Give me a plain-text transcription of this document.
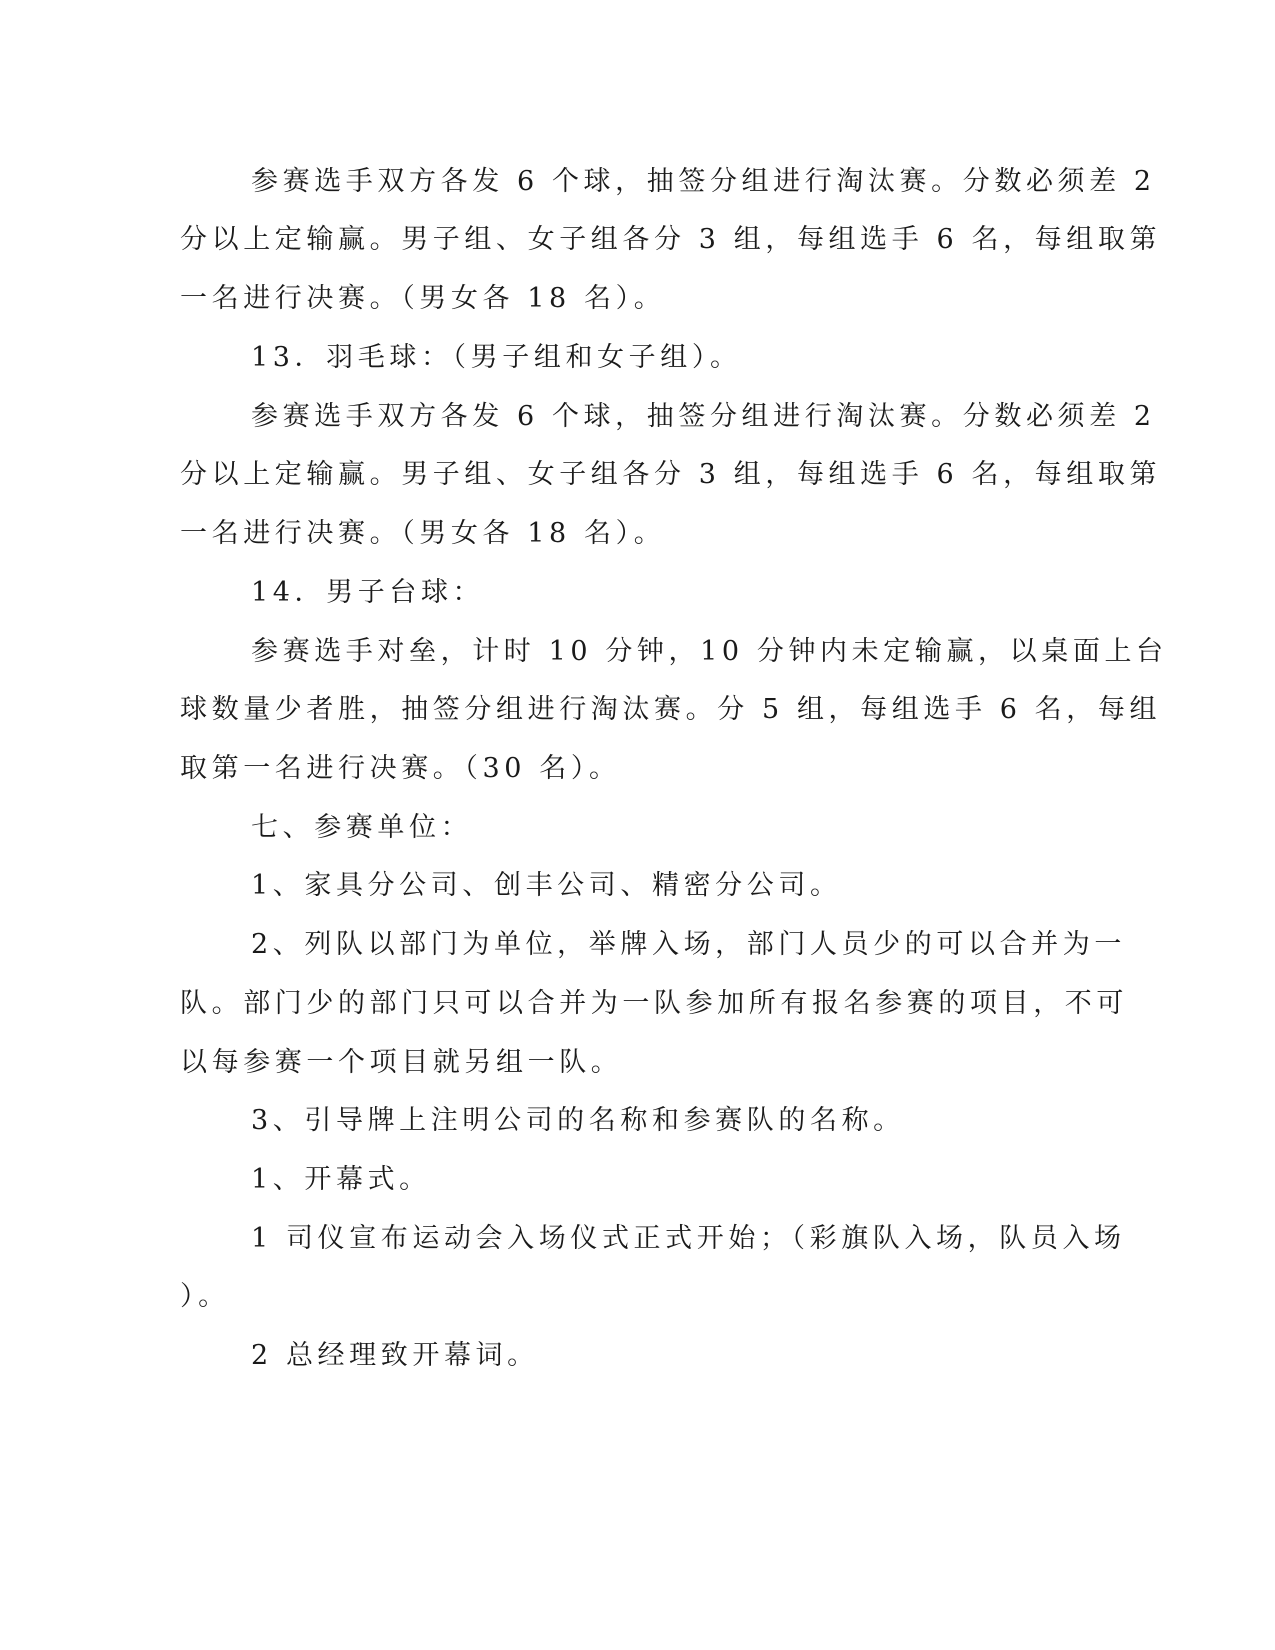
参赛选手双方各发 6 个球，抽签分组进行淘汰赛。分数必须差 2
分以上定输赢。男子组、女子组各分 3 组，每组选手 6 名，每组取第
一名进行决赛。（男女各 18 名）。
13．羽毛球：（男子组和女子组）。
参赛选手双方各发 6 个球，抽签分组进行淘汰赛。分数必须差 2
分以上定输赢。男子组、女子组各分 3 组，每组选手 6 名，每组取第
一名进行决赛。（男女各 18 名）。
14．男子台球：
参赛选手对垒，计时 10 分钟，10 分钟内未定输赢，以桌面上台
球数量少者胜，抽签分组进行淘汰赛。分 5 组，每组选手 6 名，每组
取第一名进行决赛。（30 名）。
七、参赛单位：
1、家具分公司、创丰公司、精密分公司。
2、列队以部门为单位，举牌入场，部门人员少的可以合并为一
队。部门少的部门只可以合并为一队参加所有报名参赛的项目，不可
以每参赛一个项目就另组一队。
3、引导牌上注明公司的名称和参赛队的名称。
1、开幕式。
1 司仪宣布运动会入场仪式正式开始；（彩旗队入场，队员入场
）。
2 总经理致开幕词。
